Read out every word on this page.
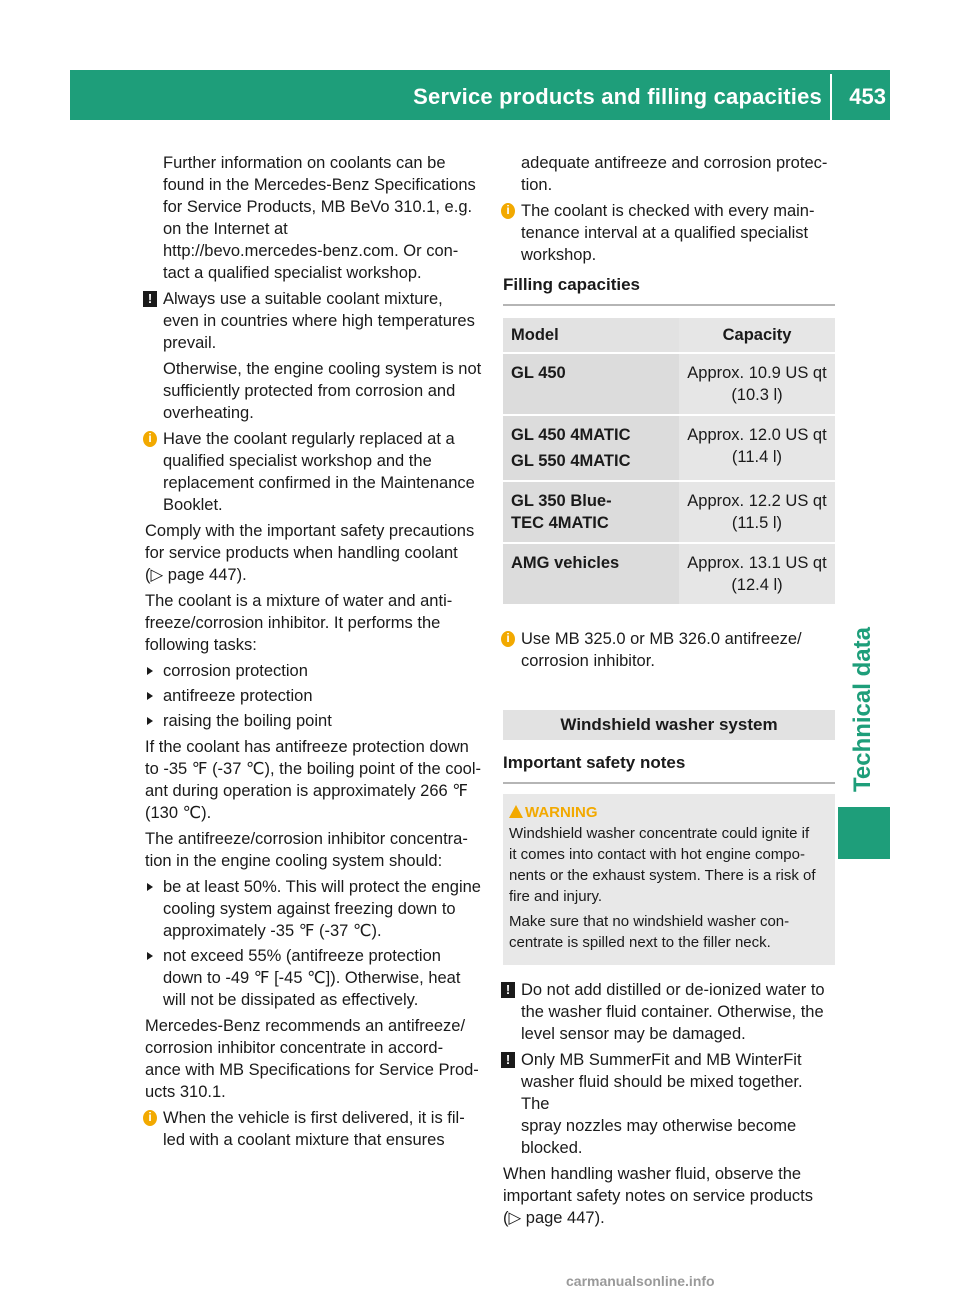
Service products and filling capacities 453
Technical data

Further information on coolants can be
found in the Mercedes-Benz Specifications
for Service Products, MB BeVo 310.1, e.g.
on the Internet at
http://bevo.mercedes-benz.com. Or con-
tact a qualified specialist workshop.

! Always use a suitable coolant mixture,
even in countries where high temperatures
prevail.

Otherwise, the engine cooling system is not
sufficiently protected from corrosion and
overheating.

i Have the coolant regularly replaced at a
qualified specialist workshop and the
replacement confirmed in the Maintenance
Booklet.

Comply with the important safety precautions
for service products when handling coolant
(▷ page 447).

The coolant is a mixture of water and anti-
freeze/corrosion inhibitor. It performs the
following tasks:

corrosion protection
antifreeze protection
raising the boiling point

If the coolant has antifreeze protection down
to -35 ℉ (-37 ℃), the boiling point of the cool-
ant during operation is approximately 266 ℉
(130 ℃).

The antifreeze/corrosion inhibitor concentra-
tion in the engine cooling system should:

be at least 50%. This will protect the engine
cooling system against freezing down to
approximately -35 ℉ (-37 ℃).
not exceed 55% (antifreeze protection
down to -49 ℉ [-45 ℃]). Otherwise, heat
will not be dissipated as effectively.

Mercedes-Benz recommends an antifreeze/
corrosion inhibitor concentrate in accord-
ance with MB Specifications for Service Prod-
ucts 310.1.

i When the vehicle is first delivered, it is fil-
led with a coolant mixture that ensures

adequate antifreeze and corrosion protec-
tion.

i The coolant is checked with every main-
tenance interval at a qualified specialist
workshop.

Filling capacities
Model	Capacity

GL 450	Approx. 10.9 US qt
(10.3 l)

GL 450 4MATIC
GL 550 4MATIC	Approx. 12.0 US qt
(11.4 l)

GL 350 Blue-
TEC 4MATIC	Approx. 12.2 US qt
(11.5 l)

AMG vehicles	Approx. 13.1 US qt
(12.4 l)
i Use MB 325.0 or MB 326.0 antifreeze/
corrosion inhibitor.

Windshield washer system
Important safety notes
WARNING

Windshield washer concentrate could ignite if
it comes into contact with hot engine compo-
nents or the exhaust system. There is a risk of
fire and injury.

Make sure that no windshield washer con-
centrate is spilled next to the filler neck.

! Do not add distilled or de-ionized water to
the washer fluid container. Otherwise, the
level sensor may be damaged.

! Only MB SummerFit and MB WinterFit
washer fluid should be mixed together. The
spray nozzles may otherwise become
blocked.

When handling washer fluid, observe the
important safety notes on service products
(▷ page 447).

carmanualsonline.info
